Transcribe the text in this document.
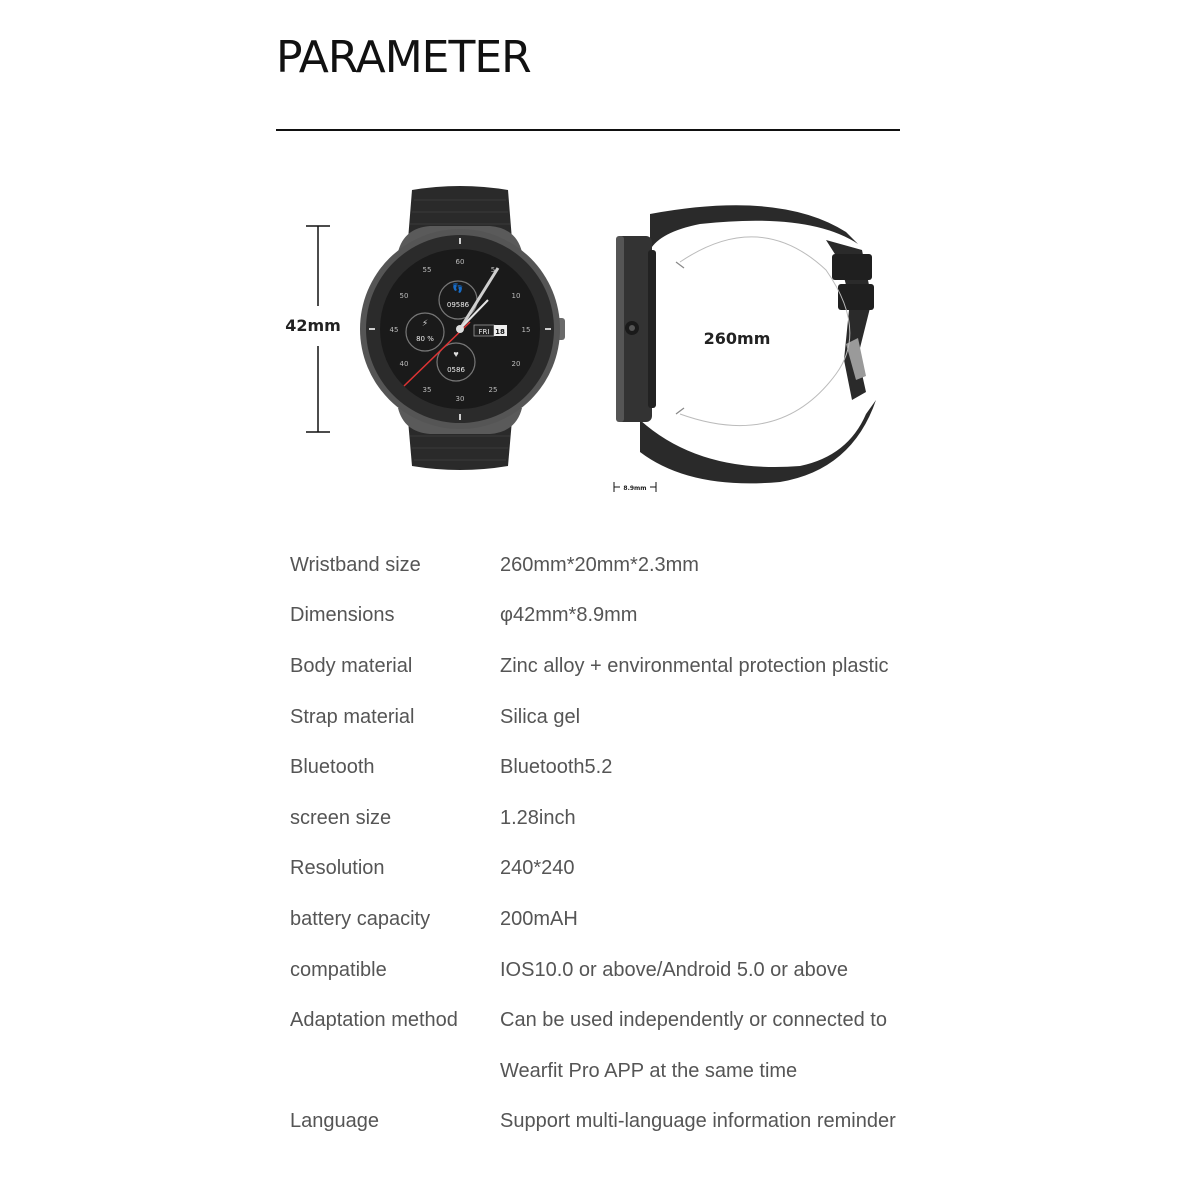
PARAMETER
42mm
60
5
10
15
20
25
30
35
40
45
50
55
👣
09586
⚡
80 %
♥
0586
FRI 18	260mm
8.9mm
Wristband size	260mm*20mm*2.3mm
Dimensions	φ42mm*8.9mm
Body material	Zinc alloy + environmental protection plastic
Strap material	Silica gel
Bluetooth	Bluetooth5.2
screen size	1.28inch
Resolution	240*240
battery capacity	200mAH
compatible	IOS10.0 or above/Android 5.0 or above
Adaptation method	Can be used independently or connected to
Wearfit Pro APP at the same time
Language	Support multi-language information reminder
